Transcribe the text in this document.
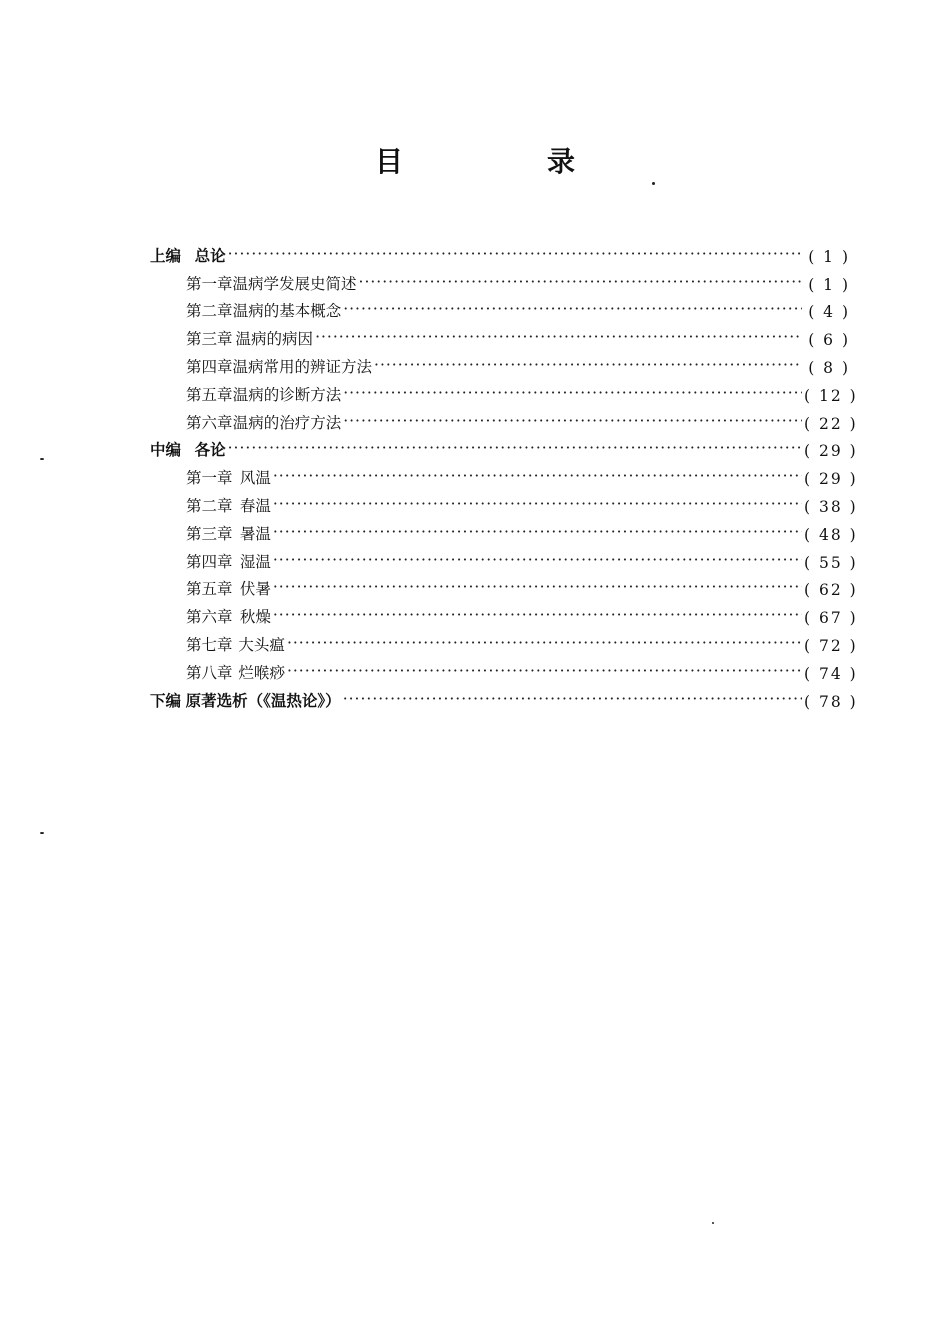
目　录
上编 总论 ·····	( 1 )
第一章 温病学发展史简述 ·····	( 1 )
第二章 温病的基本概念 ·····	( 4 )
第三章 温病的病因 ·····	( 6 )
第四章 温病常用的辨证方法 ·····	( 8 )
第五章 温病的诊断方法 ·····	( 12 )
第六章 温病的治疗方法 ·····	( 22 )
中编 各论 ·····	( 29 )
第一章 风温 ·····	( 29 )
第二章 春温 ·····	( 38 )
第三章 暑温 ·····	( 48 )
第四章 湿温 ·····	( 55 )
第五章 伏暑 ·····	( 62 )
第六章 秋燥 ·····	( 67 )
第七章 大头瘟 ·····	( 72 )
第八章 烂喉痧 ·····	( 74 )
下编 原著选析（《温热论》） ·····	( 78 )
